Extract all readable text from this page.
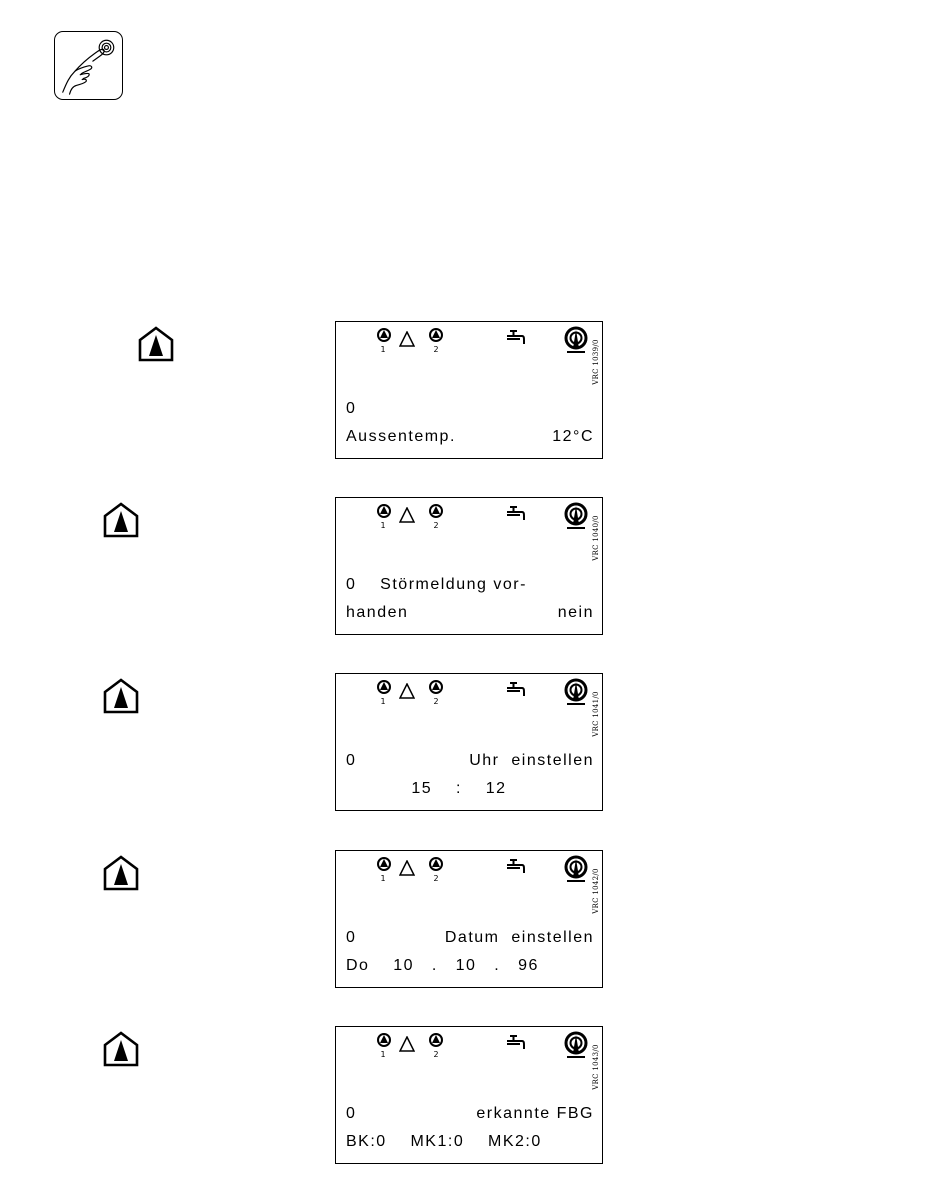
1	2	VRC 1039/0
0
Aussentemp.	12°C
1	2	VRC 1040/0
0    Störmeldung vor-
handen	nein
1	2	VRC 1041/0
0	Uhr  einstellen
15    :    12
1	2	VRC 1042/0
0	Datum  einstellen
Do    10   .   10   .   96
1	2	VRC 1043/0
0	erkannte FBG
BK:0    MK1:0    MK2:0
